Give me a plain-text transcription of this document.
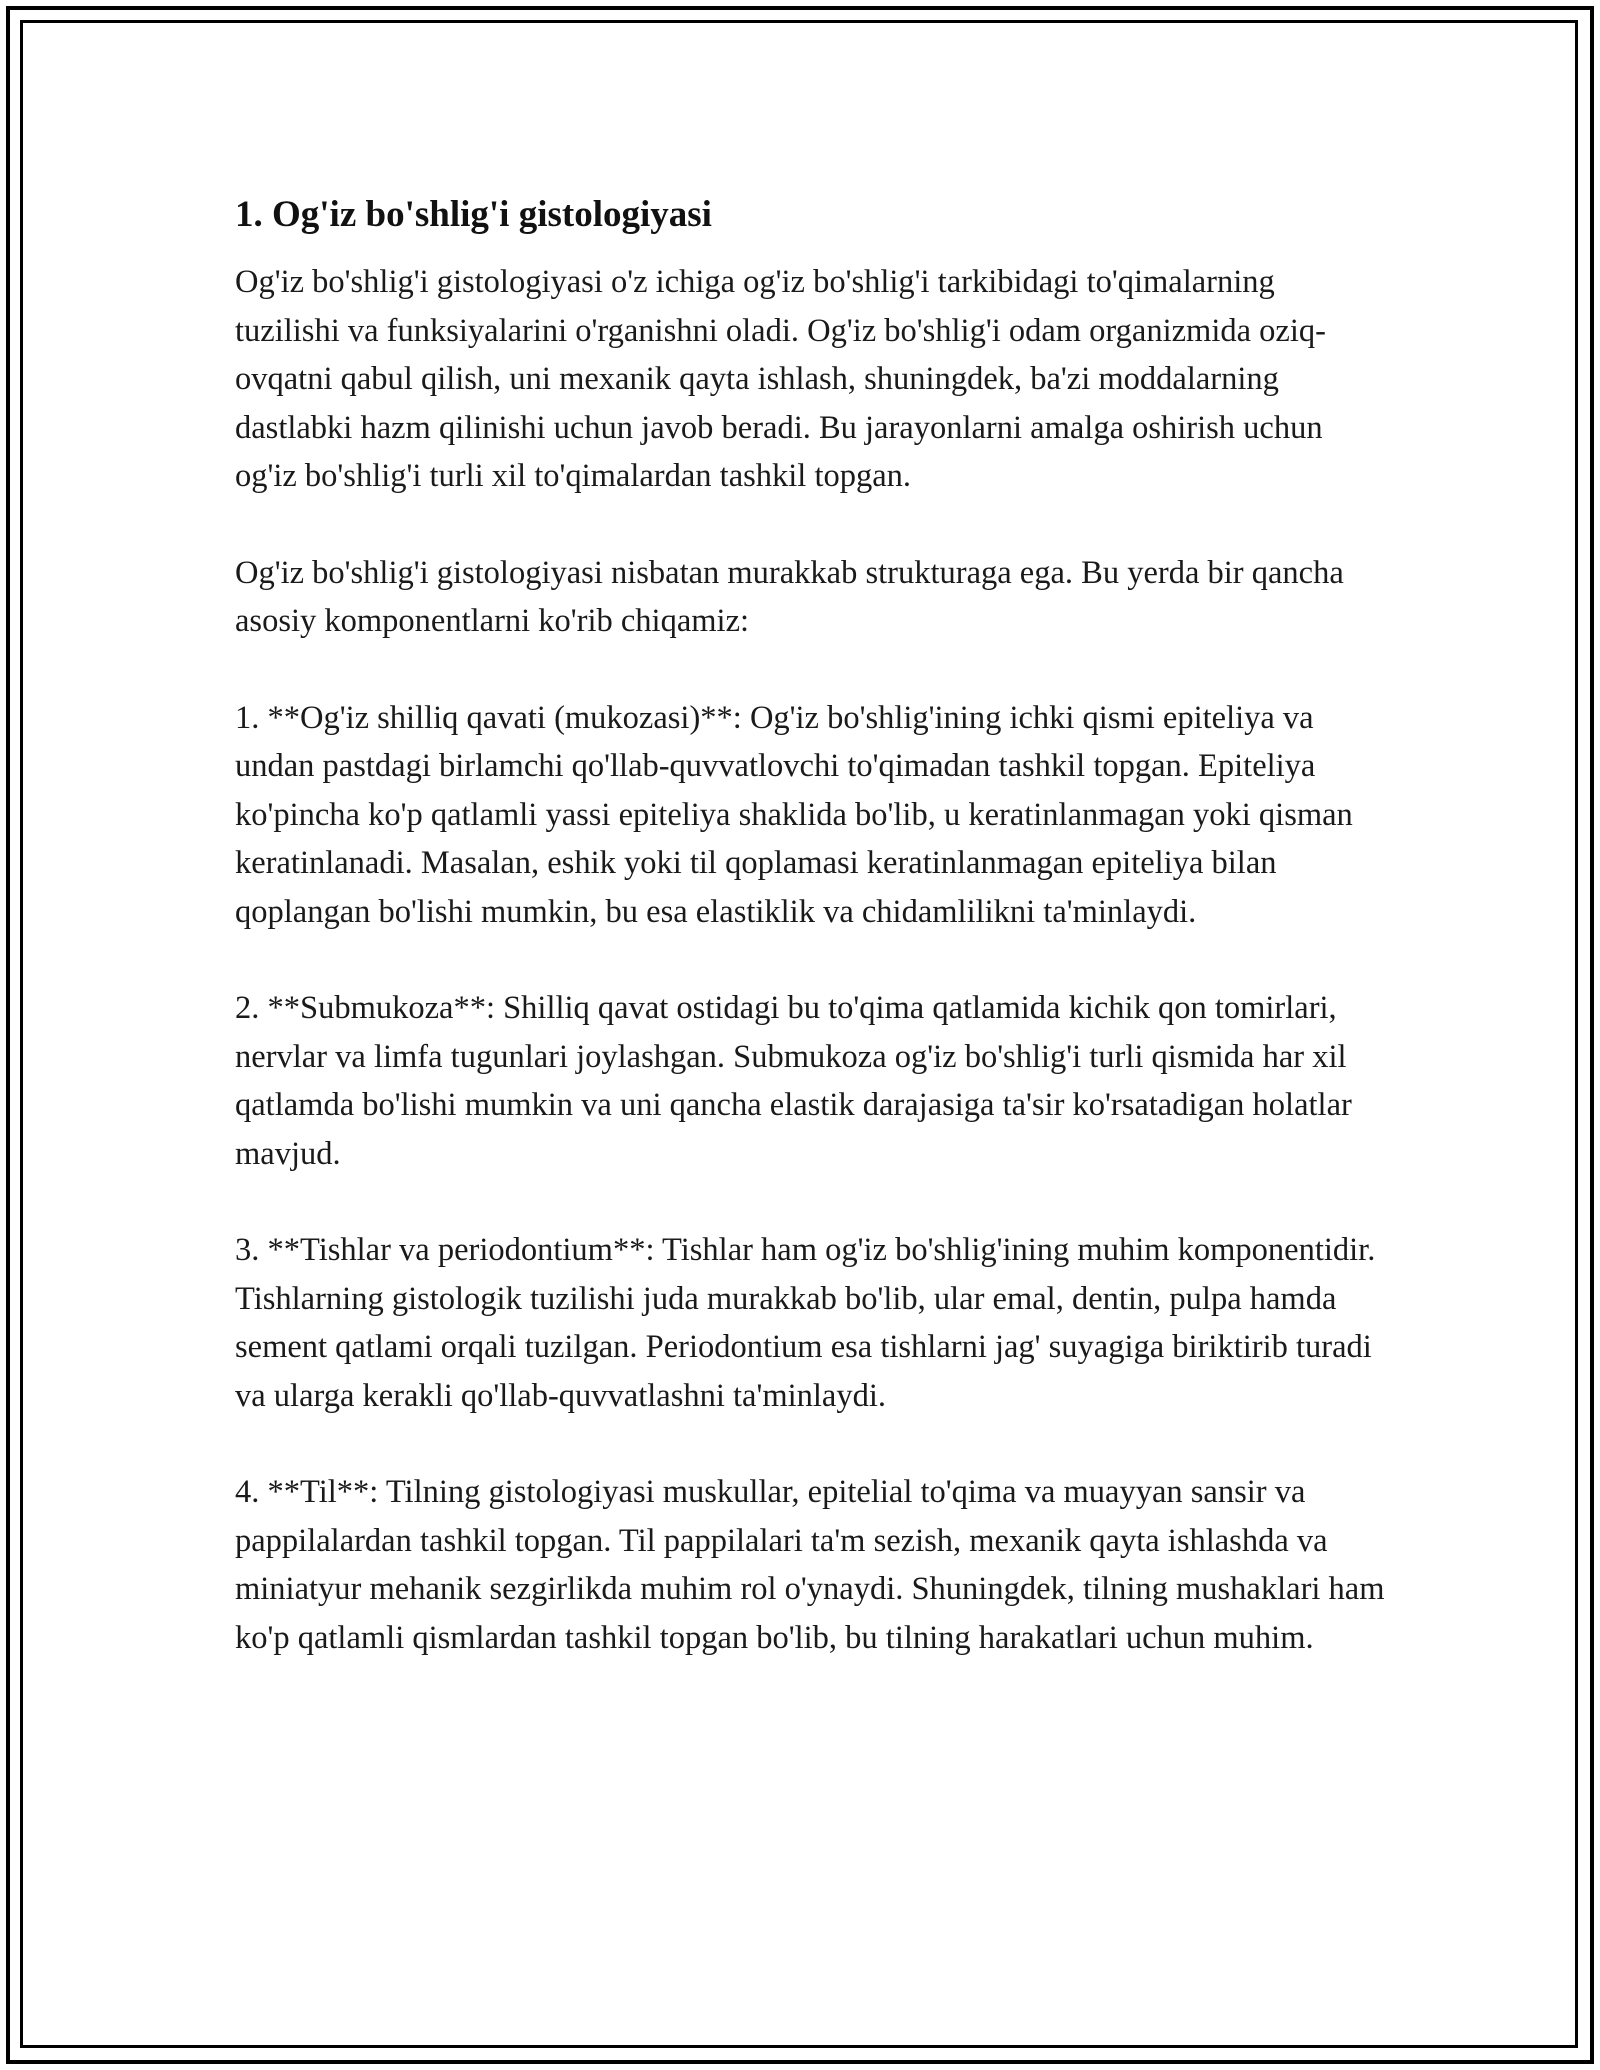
1. Og'iz bo'shlig'i gistologiyasi

Og'iz bo'shlig'i gistologiyasi o'z ichiga og'iz bo'shlig'i tarkibidagi to'qimalarning tuzilishi va funksiyalarini o'rganishni oladi. Og'iz bo'shlig'i odam organizmida oziq-ovqatni qabul qilish, uni mexanik qayta ishlash, shuningdek, ba'zi moddalarning dastlabki hazm qilinishi uchun javob beradi. Bu jarayonlarni amalga oshirish uchun og'iz bo'shlig'i turli xil to'qimalardan tashkil topgan.

Og'iz bo'shlig'i gistologiyasi nisbatan murakkab strukturaga ega. Bu yerda bir qancha asosiy komponentlarni ko'rib chiqamiz:

1. **Og'iz shilliq qavati (mukozasi)**: Og'iz bo'shlig'ining ichki qismi epiteliya va undan pastdagi birlamchi qo'llab-quvvatlovchi to'qimadan tashkil topgan. Epiteliya ko'pincha ko'p qatlamli yassi epiteliya shaklida bo'lib, u keratinlanmagan yoki qisman keratinlanadi. Masalan, eshik yoki til qoplamasi keratinlanmagan epiteliya bilan qoplangan bo'lishi mumkin, bu esa elastiklik va chidamlilikni ta'minlaydi.

2. **Submukoza**: Shilliq qavat ostidagi bu to'qima qatlamida kichik qon tomirlari, nervlar va limfa tugunlari joylashgan. Submukoza og'iz bo'shlig'i turli qismida har xil qatlamda bo'lishi mumkin va uni qancha elastik darajasiga ta'sir ko'rsatadigan holatlar mavjud.

3. **Tishlar va periodontium**: Tishlar ham og'iz bo'shlig'ining muhim komponentidir. Tishlarning gistologik tuzilishi juda murakkab bo'lib, ular emal, dentin, pulpa hamda sement qatlami orqali tuzilgan. Periodontium esa tishlarni jag' suyagiga biriktirib turadi va ularga kerakli qo'llab-quvvatlashni ta'minlaydi.

4. **Til**: Tilning gistologiyasi muskullar, epitelial to'qima va muayyan sansir va pappilalardan tashkil topgan. Til pappilalari ta'm sezish, mexanik qayta ishlashda va miniatyur mehanik sezgirlikda muhim rol o'ynaydi. Shuningdek, tilning mushaklari ham ko'p qatlamli qismlardan tashkil topgan bo'lib, bu tilning harakatlari uchun muhim.
